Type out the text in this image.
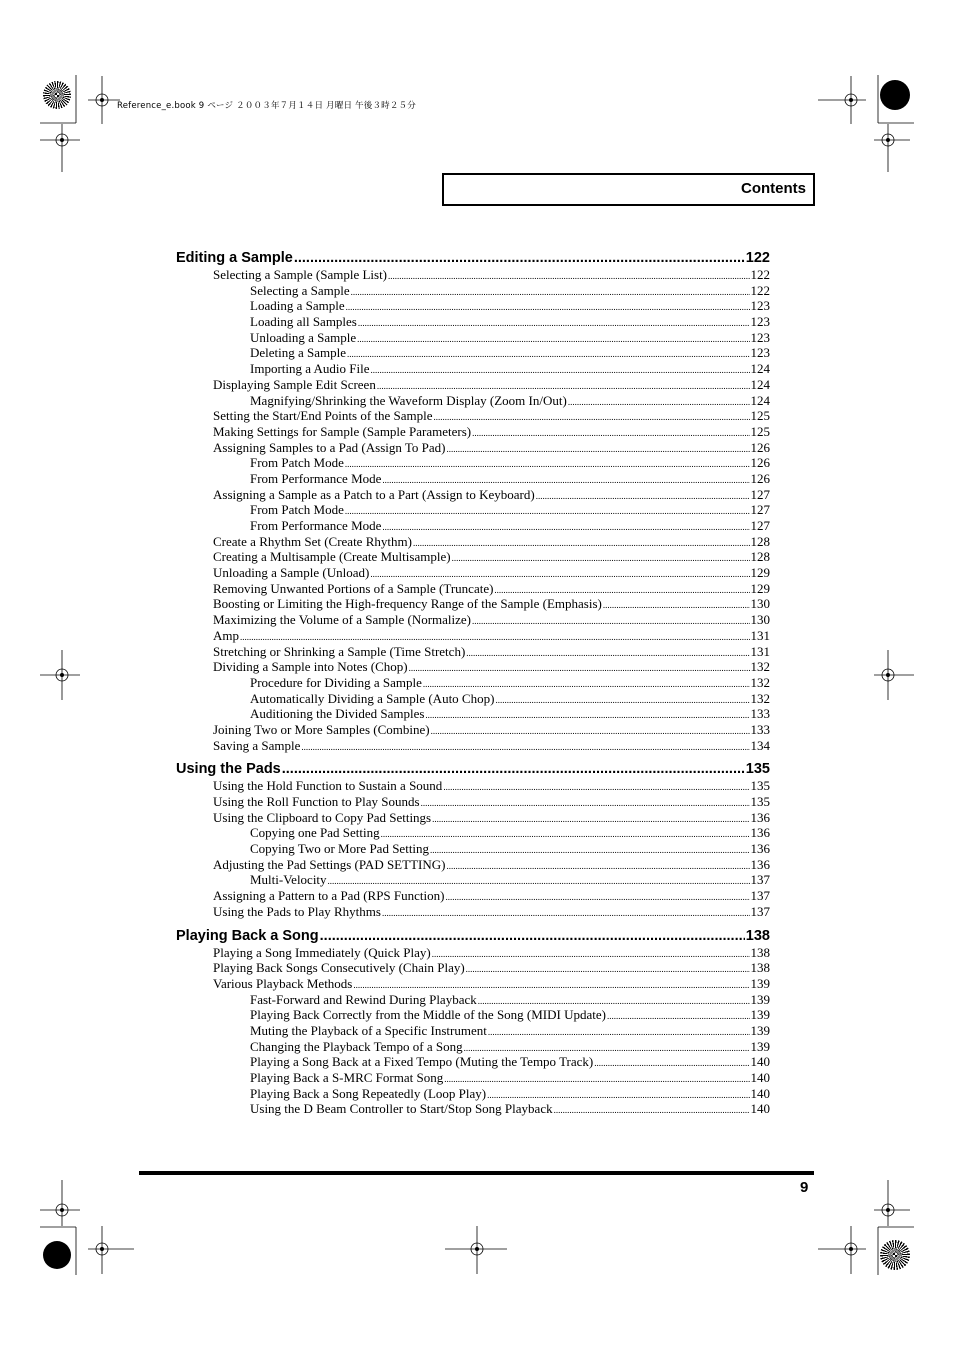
Reference_e.book 9 ページ ２００３年７月１４日 月曜日 午後３時２５分
Contents
Editing a Sample .....	122
Selecting a Sample (Sample List) .....	122
Selecting a Sample .....	122
Loading a Sample .....	123
Loading all Samples .....	123
Unloading a Sample .....	123
Deleting a Sample .....	123
Importing a Audio File .....	124
Displaying Sample Edit Screen .....	124
Magnifying/Shrinking the Waveform Display (Zoom In/Out) .....	124
Setting the Start/End Points of the Sample .....	125
Making Settings for Sample (Sample Parameters) .....	125
Assigning Samples to a Pad (Assign To Pad) .....	126
From Patch Mode .....	126
From Performance Mode .....	126
Assigning a Sample as a Patch to a Part (Assign to Keyboard) .....	127
From Patch Mode .....	127
From Performance Mode .....	127
Create a Rhythm Set (Create Rhythm) .....	128
Creating a Multisample (Create Multisample) .....	128
Unloading a Sample (Unload) .....	129
Removing Unwanted Portions of a Sample (Truncate) .....	129
Boosting or Limiting the High-frequency Range of the Sample (Emphasis) .....	130
Maximizing the Volume of a Sample (Normalize) .....	130
Amp .....	131
Stretching or Shrinking a Sample (Time Stretch) .....	131
Dividing a Sample into Notes (Chop) .....	132
Procedure for Dividing a Sample .....	132
Automatically Dividing a Sample (Auto Chop) .....	132
Auditioning the Divided Samples .....	133
Joining Two or More Samples (Combine) .....	133
Saving a Sample .....	134
Using the Pads .....	135
Using the Hold Function to Sustain a Sound .....	135
Using the Roll Function to Play Sounds .....	135
Using the Clipboard to Copy Pad Settings .....	136
Copying one Pad Setting .....	136
Copying Two or More Pad Setting .....	136
Adjusting the Pad Settings (PAD SETTING) .....	136
Multi-Velocity .....	137
Assigning a Pattern to a Pad (RPS Function) .....	137
Using the Pads to Play Rhythms .....	137
Playing Back a Song .....	138
Playing a Song Immediately (Quick Play) .....	138
Playing Back Songs Consecutively (Chain Play) .....	138
Various Playback Methods .....	139
Fast-Forward and Rewind During Playback .....	139
Playing Back Correctly from the Middle of the Song (MIDI Update) .....	139
Muting the Playback of a Specific Instrument .....	139
Changing the Playback Tempo of a Song .....	139
Playing a Song Back at a Fixed Tempo (Muting the Tempo Track) .....	140
Playing Back a S-MRC Format Song .....	140
Playing Back a Song Repeatedly (Loop Play) .....	140
Using the D Beam Controller to Start/Stop Song Playback .....	140
9
